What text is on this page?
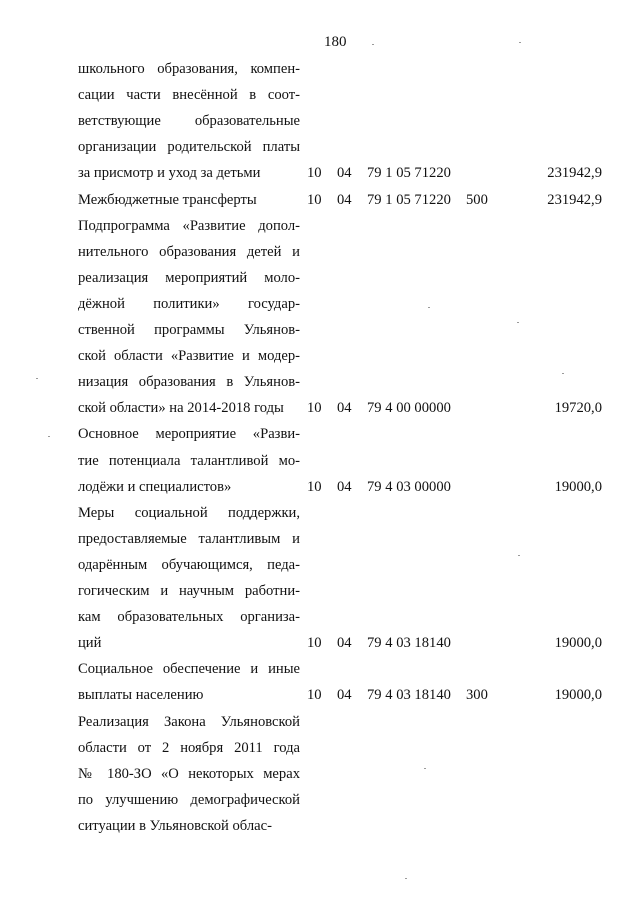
180
школьного образования, компен-
сации части внесённой в соот-
ветствующие образовательные
организации родительской платы
за присмотр и уход за детьми	10 04 79 1 05 71220	231942,9
Межбюджетные трансферты	10 04 79 1 05 71220 500	231942,9
Подпрограмма «Развитие допол-
нительного образования детей и
реализация мероприятий моло-
дёжной политики» государ-
ственной программы Ульянов-
ской области «Развитие и модер-
низация образования в Ульянов-
ской области» на 2014-2018 годы	10 04 79 4 00 00000	19720,0
Основное мероприятие «Разви-
тие потенциала талантливой мо-
лодёжи и специалистов»	10 04 79 4 03 00000	19000,0
Меры социальной поддержки,
предоставляемые талантливым и
одарённым обучающимся, педа-
гогическим и научным работни-
кам образовательных организа-
ций	10 04 79 4 03 18140	19000,0
Социальное обеспечение и иные
выплаты населению	10 04 79 4 03 18140 300	19000,0
Реализация Закона Ульяновской
области от 2 ноября 2011 года
№ 180-ЗО «О некоторых мерах
по улучшению демографической
ситуации в Ульяновской облас-
